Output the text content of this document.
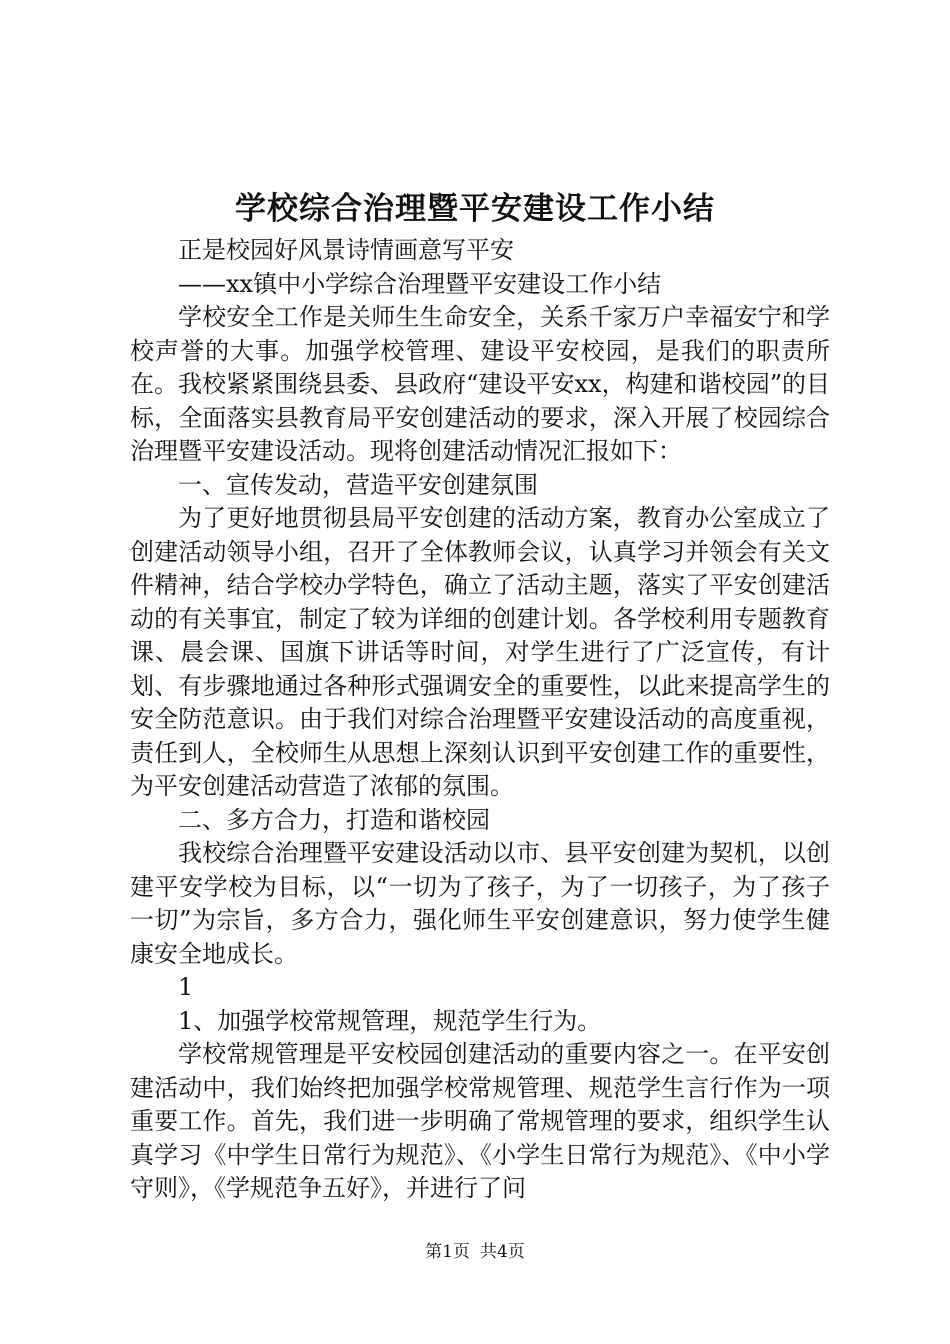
学校综合治理暨平安建设工作小结

正是校园好风景诗情画意写平安

——xx镇中小学综合治理暨平安建设工作小结

学校安全工作是关师生生命安全，关系千家万户幸福安宁和学校声誉的大事。加强学校管理、建设平安校园，是我们的职责所在。我校紧紧围绕县委、县政府“建设平安xx，构建和谐校园”的目标，全面落实县教育局平安创建活动的要求，深入开展了校园综合治理暨平安建设活动。现将创建活动情况汇报如下：

一、宣传发动，营造平安创建氛围

为了更好地贯彻县局平安创建的活动方案，教育办公室成立了创建活动领导小组，召开了全体教师会议，认真学习并领会有关文件精神，结合学校办学特色，确立了活动主题，落实了平安创建活动的有关事宜，制定了较为详细的创建计划。各学校利用专题教育课、晨会课、国旗下讲话等时间，对学生进行了广泛宣传，有计划、有步骤地通过各种形式强调安全的重要性，以此来提高学生的安全防范意识。由于我们对综合治理暨平安建设活动的高度重视，责任到人，全校师生从思想上深刻认识到平安创建工作的重要性，为平安创建活动营造了浓郁的氛围。

二、多方合力，打造和谐校园

我校综合治理暨平安建设活动以市、县平安创建为契机，以创建平安学校为目标，以“一切为了孩子，为了一切孩子，为了孩子一切”为宗旨，多方合力，强化师生平安创建意识，努力使学生健康安全地成长。

1

1、加强学校常规管理，规范学生行为。

学校常规管理是平安校园创建活动的重要内容之一。在平安创建活动中，我们始终把加强学校常规管理、规范学生言行作为一项重要工作。首先，我们进一步明确了常规管理的要求，组织学生认真学习《中学生日常行为规范》、《小学生日常行为规范》、《中小学守则》，《学规范争五好》，并进行了问

第1页 共4页
